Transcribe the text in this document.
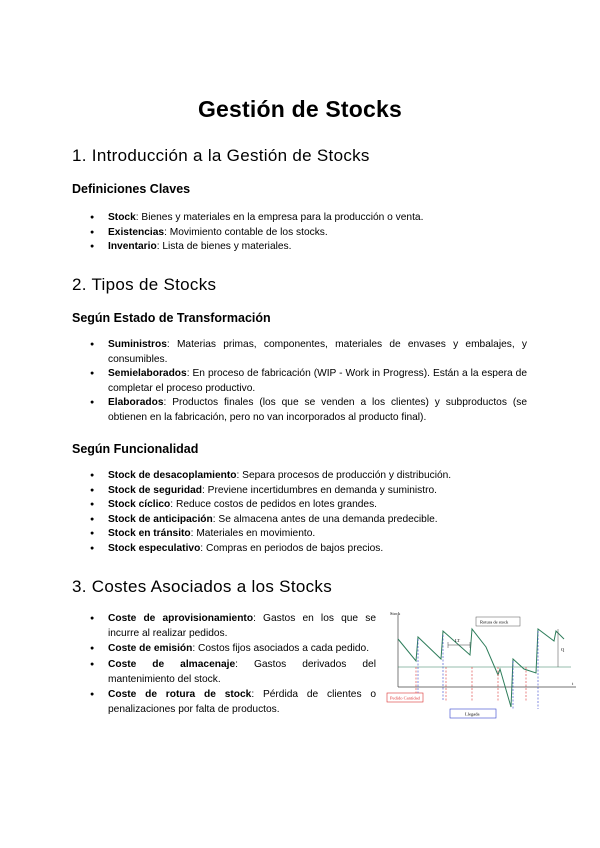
Gestión de Stocks
1. Introducción a la Gestión de Stocks
Definiciones Claves
● Stock: Bienes y materiales en la empresa para la producción o venta.
● Existencias: Movimiento contable de los stocks.
● Inventario: Lista de bienes y materiales.
2. Tipos de Stocks
Según Estado de Transformación
● Suministros: Materias primas, componentes, materiales de envases y embalajes, y consumibles.
● Semielaborados: En proceso de fabricación (WIP - Work in Progress). Están a la espera de completar el proceso productivo.
● Elaborados: Productos finales (los que se venden a los clientes) y subproductos (se obtienen en la fabricación, pero no van incorporados al producto final).
Según Funcionalidad
● Stock de desacoplamiento: Separa procesos de producción y distribución.
● Stock de seguridad: Previene incertidumbres en demanda y suministro.
● Stock cíclico: Reduce costos de pedidos en lotes grandes.
● Stock de anticipación: Se almacena antes de una demanda predecible.
● Stock en tránsito: Materiales en movimiento.
● Stock especulativo: Compras en periodos de bajos precios.
3. Costes Asociados a los Stocks
● Coste de aprovisionamiento: Gastos en los que se incurre al realizar pedidos.
● Coste de emisión: Costos fijos asociados a cada pedido.
● Coste de almacenaje: Gastos derivados del mantenimiento del stock.
● Coste de rotura de stock: Pérdida de clientes o penalizaciones por falta de productos.
Stock
t
LT
Q
Rotura de stock
Pedido Cantidad
Llegada
